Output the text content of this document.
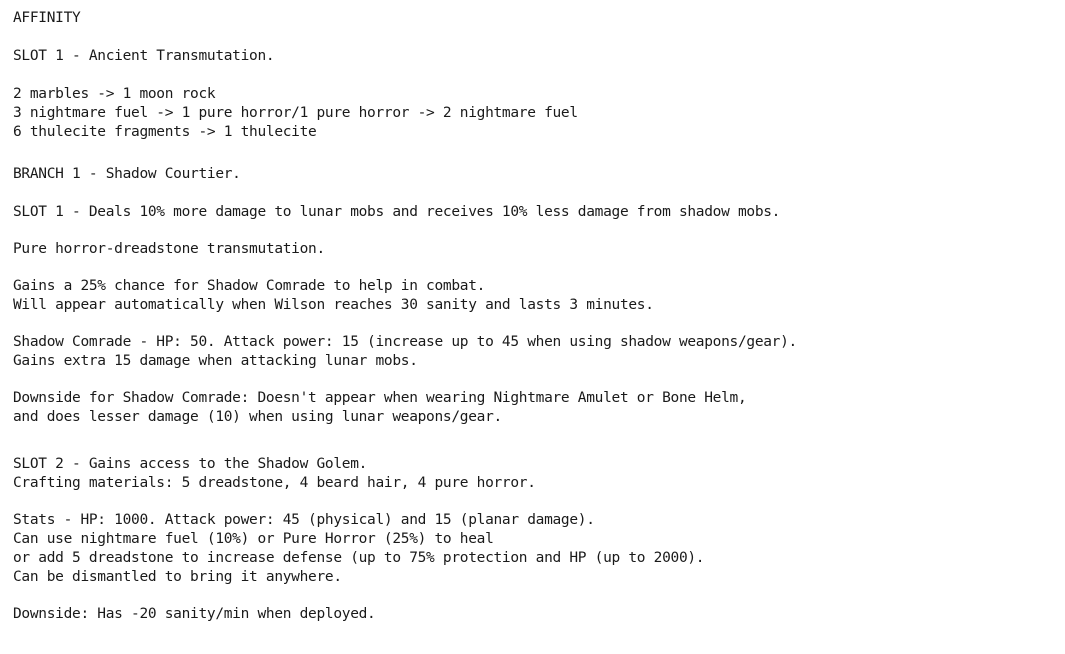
AFFINITY
SLOT 1 - Ancient Transmutation.
2 marbles -> 1 moon rock
3 nightmare fuel -> 1 pure horror/1 pure horror -> 2 nightmare fuel
6 thulecite fragments -> 1 thulecite
BRANCH 1 - Shadow Courtier.
SLOT 1 - Deals 10% more damage to lunar mobs and receives 10% less damage from shadow mobs.
Pure horror-dreadstone transmutation.
Gains a 25% chance for Shadow Comrade to help in combat.
Will appear automatically when Wilson reaches 30 sanity and lasts 3 minutes.
Shadow Comrade - HP: 50. Attack power: 15 (increase up to 45 when using shadow weapons/gear).
Gains extra 15 damage when attacking lunar mobs.
Downside for Shadow Comrade: Doesn't appear when wearing Nightmare Amulet or Bone Helm,
and does lesser damage (10) when using lunar weapons/gear.
SLOT 2 - Gains access to the Shadow Golem.
Crafting materials: 5 dreadstone, 4 beard hair, 4 pure horror.
Stats - HP: 1000. Attack power: 45 (physical) and 15 (planar damage).
Can use nightmare fuel (10%) or Pure Horror (25%) to heal
or add 5 dreadstone to increase defense (up to 75% protection and HP (up to 2000).
Can be dismantled to bring it anywhere.
Downside: Has -20 sanity/min when deployed.
